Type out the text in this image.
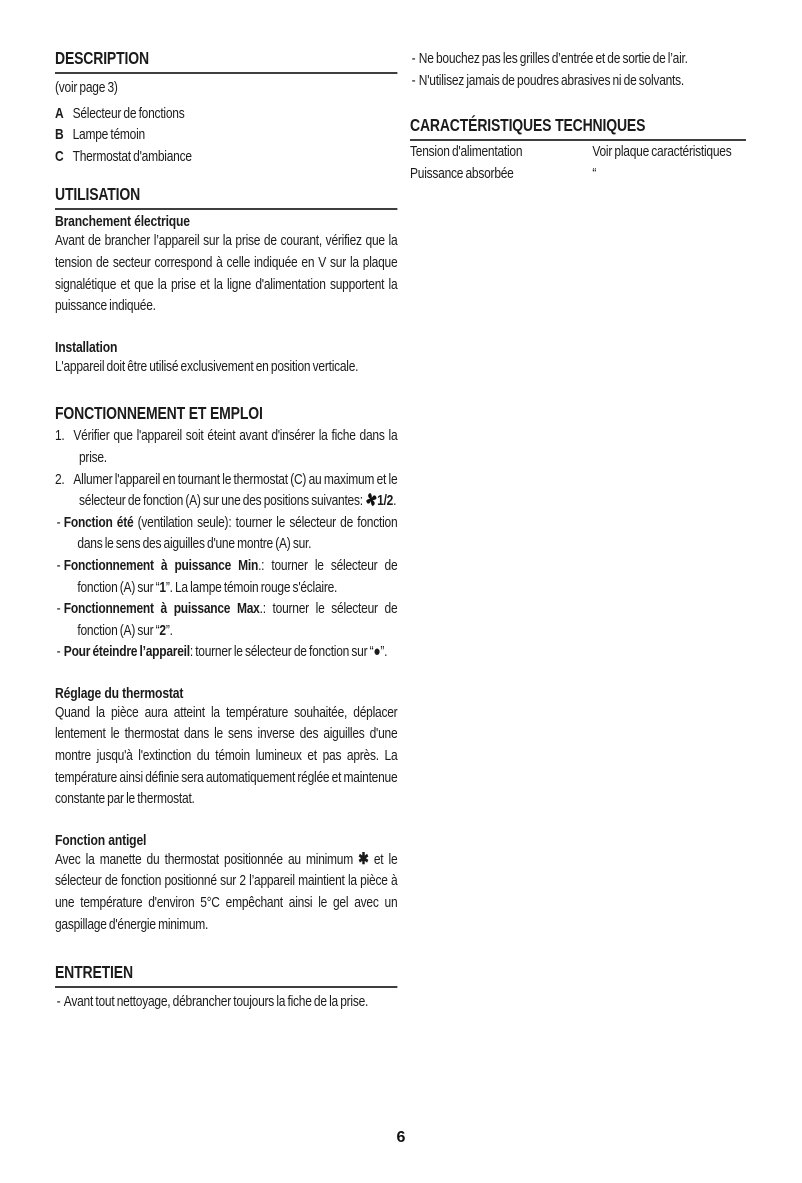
DESCRIPTION

(voir page 3)

A Sélecteur de fonctions
B Lampe témoin
C Thermostat d'ambiance
UTILISATION
Branchement électrique

Avant de brancher l’appareil sur la prise de courant, vérifiez que la tension de secteur correspond à celle indiquée en V sur la plaque signalétique et que la prise et la ligne d'alimentation supportent la puissance indiquée.

Installation

L'appareil doit être utilisé exclusivement en position verticale.

FONCTIONNEMENT ET EMPLOI
1. Vérifier que l'appareil soit éteint avant d'insérer la fiche dans la prise.
2. Allumer l'appareil en tournant le thermostat (C) au maximum et le sélecteur de fonction (A) sur une des positions suivantes: 1/2.
- Fonction été (ventilation seule): tourner le sélecteur de fonction dans le sens des aiguilles d'une montre (A) sur.
- Fonctionnement à puissance Min.: tourner le sélecteur de fonction (A) sur “1”. La lampe témoin rouge s'éclaire.
- Fonctionnement à puissance Max.: tourner le sélecteur de fonction (A) sur “2”.
- Pour éteindre l’appareil: tourner le sélecteur de fonction sur “●”.
Réglage du thermostat

Quand la pièce aura atteint la température souhaitée, déplacer lentement le thermostat dans le sens inverse des aiguilles d'une montre jusqu'à l'extinction du témoin lumineux et pas après. La température ainsi définie sera automatiquement réglée et maintenue constante par le thermostat.

Fonction antigel

Avec la manette du thermostat positionnée au minimum ✱ et le sélecteur de fonction positionné sur 2 l’appareil maintient la pièce à une température d'environ 5°C empêchant ainsi le gel avec un gaspillage d'énergie minimum.

ENTRETIEN
- Avant tout nettoyage, débrancher toujours la fiche de la prise.
- Ne bouchez pas les grilles d’entrée et de sortie de l’air.
- N'utilisez jamais de poudres abrasives ni de solvants.
CARACTÉRISTIQUES TECHNIQUES
Tension d'alimentation	Voir plaque caractéristiques
Puissance absorbée	“
6
